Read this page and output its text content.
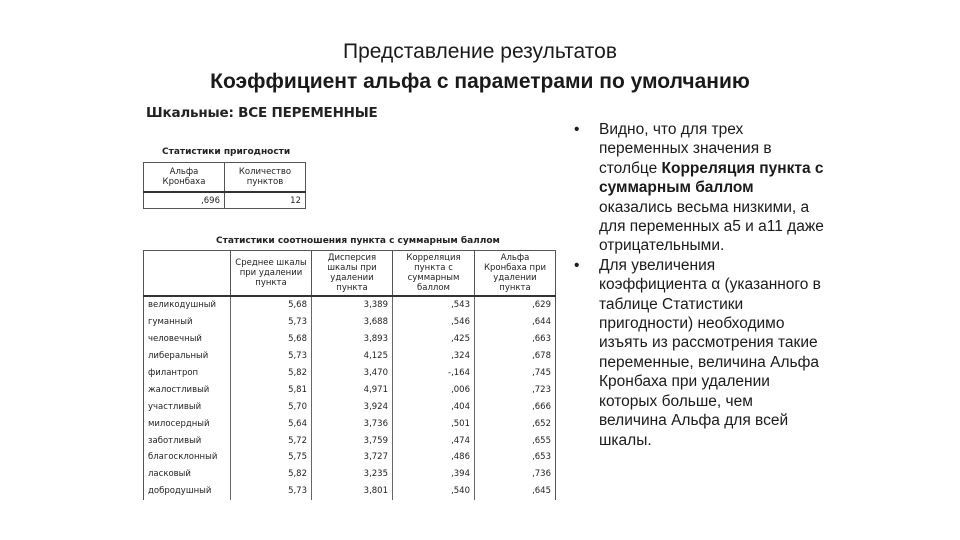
Представление результатов
Коэффициент альфа с параметрами по умолчанию
Шкальные: ВСЕ ПЕРЕМЕННЫЕ
Статистики пригодности
Альфа Кронбаха	Количество пунктов
,696	12
Статистики соотношения пункта с суммарным баллом
	Среднее шкалы при удалении пункта	Дисперсия шкалы при удалении пункта	Корреляция пункта с суммарным баллом	Альфа Кронбаха при удалении пункта
великодушный	5,68	3,389	,543	,629
гуманный	5,73	3,688	,546	,644
человечный	5,68	3,893	,425	,663
либеральный	5,73	4,125	,324	,678
филантроп	5,82	3,470	-,164	,745
жалостливый	5,81	4,971	,006	,723
участливый	5,70	3,924	,404	,666
милосердный	5,64	3,736	,501	,652
заботливый	5,72	3,759	,474	,655
благосклонный	5,75	3,727	,486	,653
ласковый	5,82	3,235	,394	,736
добродушный	5,73	3,801	,540	,645
• Видно, что для трех переменных значения в столбце Корреляция пункта с суммарным баллом оказались весьма низкими, а для переменных а5 и а11 даже отрицательными.
• Для увеличения коэффициента α (указанного в таблице Статистики пригодности) необходимо изъять из рассмотрения такие переменные, величина Альфа Кронбаха при удалении которых больше, чем величина Альфа для всей шкалы.
